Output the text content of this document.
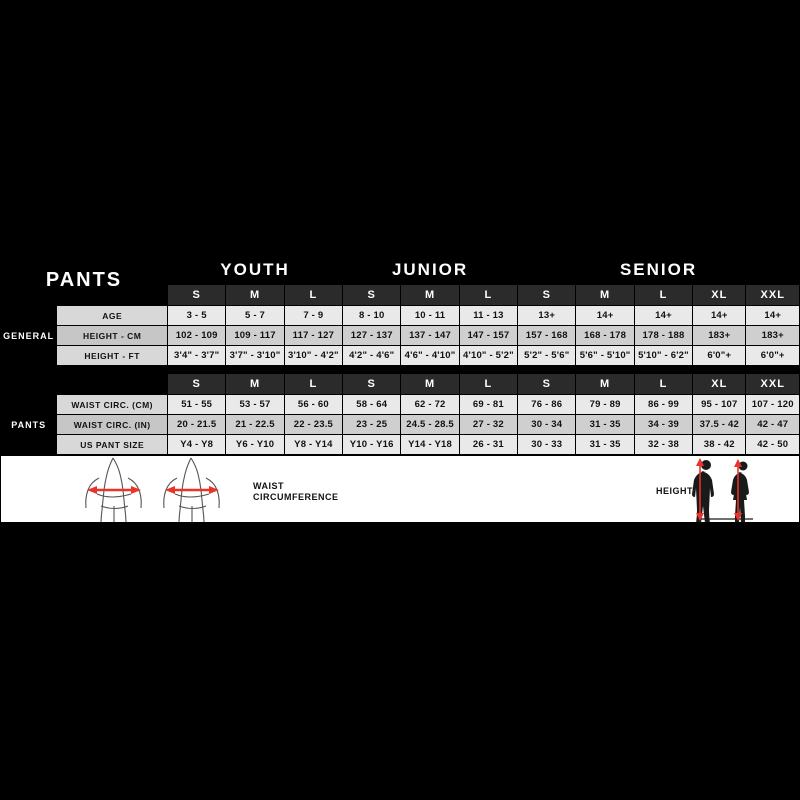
PANTS		YOUTH			JUNIOR			SENIOR				
		S	M	L	S	M	L	S	M	L	XL	XXL
GENERAL	AGE	3 - 5	5 - 7	7 - 9	8 - 10	10 - 11	11 - 13	13+	14+	14+	14+	14+
	HEIGHT - CM	102 - 109	109 - 117	117 - 127	127 - 137	137 - 147	147 - 157	157 - 168	168 - 178	178 - 188	183+	183+
	HEIGHT - FT	3'4" - 3'7"	3'7" - 3'10"	3'10" - 4'2"	4'2" - 4'6"	4'6" - 4'10"	4'10" - 5'2"	5'2" - 5'6"	5'6" - 5'10"	5'10" - 6'2"	6'0"+	6'0"+

		S	M	L	S	M	L	S	M	L	XL	XXL
PANTS	WAIST CIRC. (CM)	51 - 55	53 - 57	56 - 60	58 - 64	62 - 72	69 - 81	76 - 86	79 - 89	86 - 99	95 - 107	107 - 120
	WAIST CIRC. (IN)	20 - 21.5	21 - 22.5	22 - 23.5	23 - 25	24.5 - 28.5	27 - 32	30 - 34	31 - 35	34 - 39	37.5 - 42	42 - 47
	US PANT SIZE	Y4 - Y8	Y6 - Y10	Y8 - Y14	Y10 - Y16	Y14 - Y18	26 - 31	30 - 33	31 - 35	32 - 38	38 - 42	42 - 50
WAIST
CIRCUMFERENCE
HEIGHT
